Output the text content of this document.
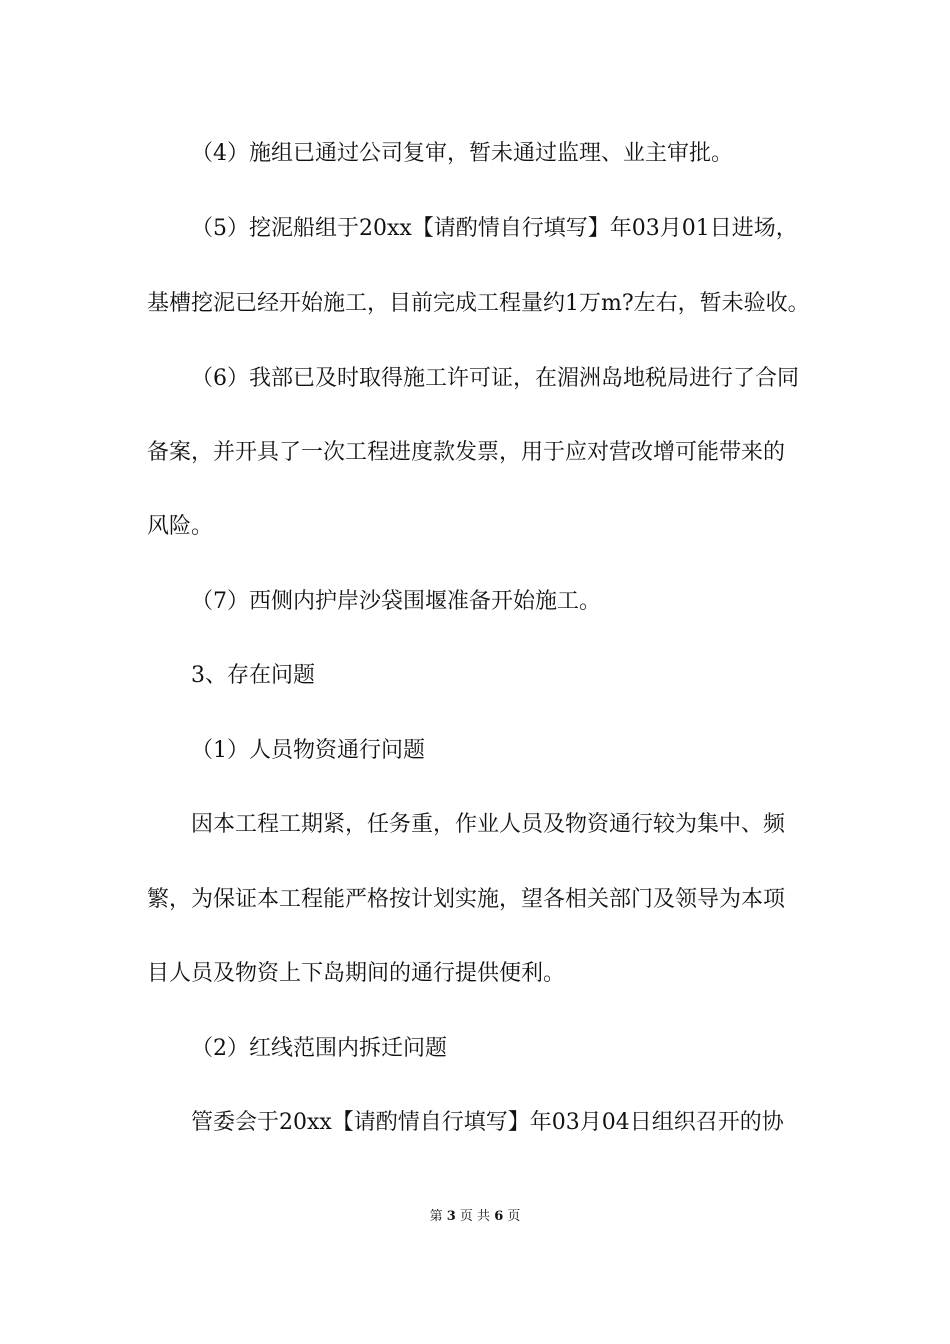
（4）施组已通过公司复审，暂未通过监理、业主审批。
（5）挖泥船组于20xx【请酌情自行填写】年03月01日进场，
基槽挖泥已经开始施工，目前完成工程量约1万m?左右，暂未验收。
（6）我部已及时取得施工许可证，在湄洲岛地税局进行了合同
备案，并开具了一次工程进度款发票，用于应对营改增可能带来的
风险。
（7）西侧内护岸沙袋围堰准备开始施工。
3、存在问题
（1）人员物资通行问题
因本工程工期紧，任务重，作业人员及物资通行较为集中、频
繁，为保证本工程能严格按计划实施，望各相关部门及领导为本项
目人员及物资上下岛期间的通行提供便利。
（2）红线范围内拆迁问题
管委会于20xx【请酌情自行填写】年03月04日组织召开的协
第 3 页 共 6 页
